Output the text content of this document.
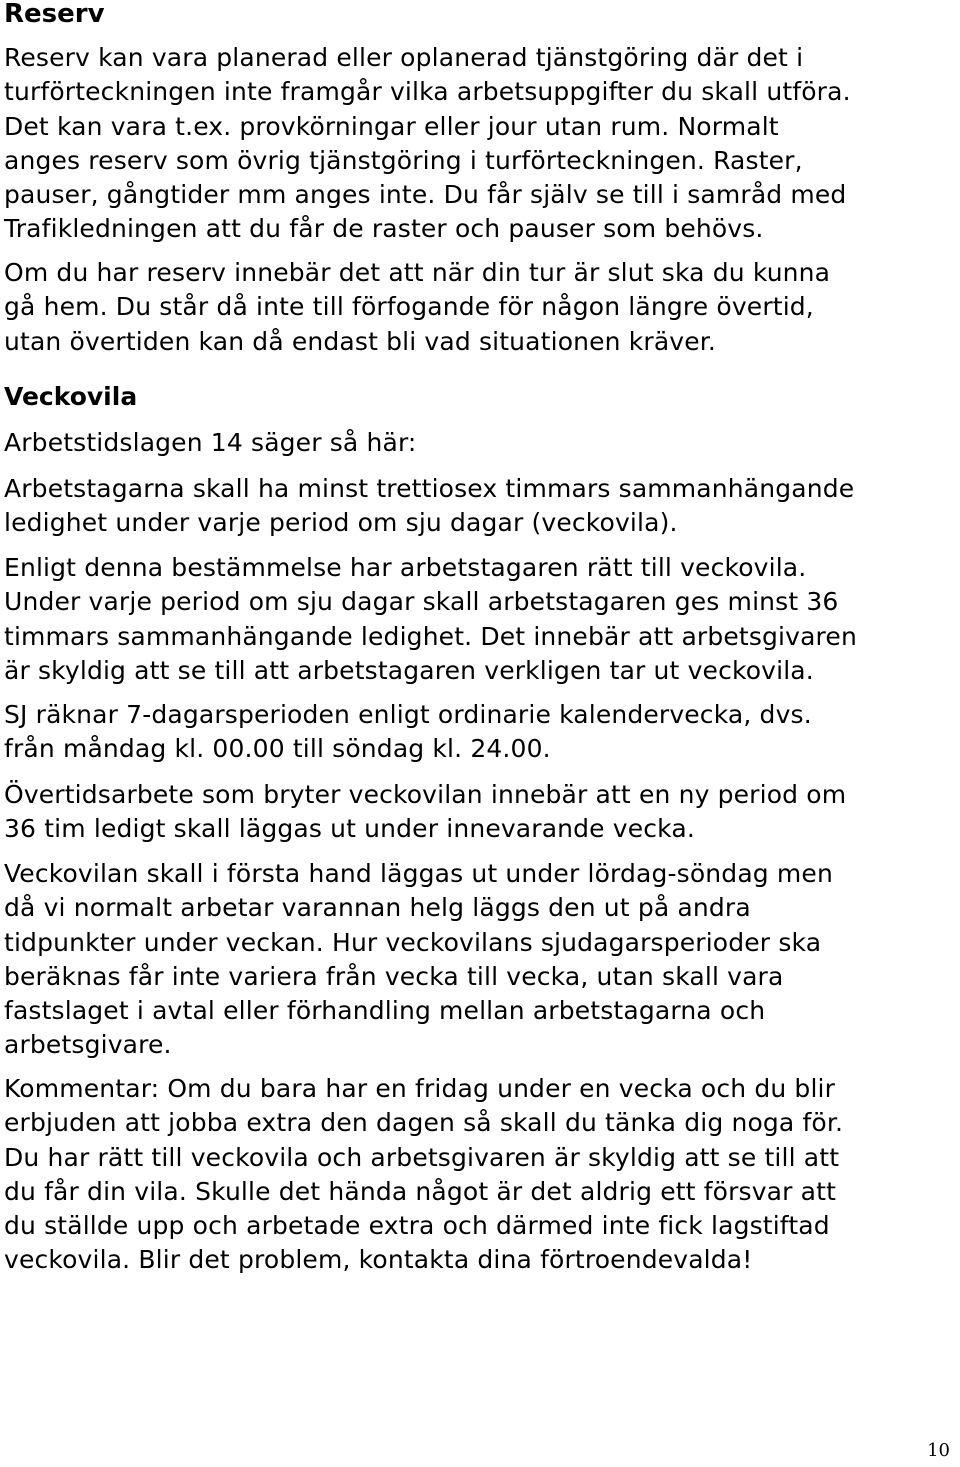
Reserv

Reserv kan vara planerad eller oplanerad tjänstgöring där det i
turförteckningen inte framgår vilka arbetsuppgifter du skall utföra.
Det kan vara t.ex. provkörningar eller jour utan rum. Normalt
anges reserv som övrig tjänstgöring i turförteckningen. Raster,
pauser, gångtider mm anges inte. Du får själv se till i samråd med
Trafikledningen att du får de raster och pauser som behövs.

Om du har reserv innebär det att när din tur är slut ska du kunna
gå hem. Du står då inte till förfogande för någon längre övertid,
utan övertiden kan då endast bli vad situationen kräver.

Veckovila

Arbetstidslagen 14 säger så här:

Arbetstagarna skall ha minst trettiosex timmars sammanhängande
ledighet under varje period om sju dagar (veckovila).

Enligt denna bestämmelse har arbetstagaren rätt till veckovila.
Under varje period om sju dagar skall arbetstagaren ges minst 36
timmars sammanhängande ledighet. Det innebär att arbetsgivaren
är skyldig att se till att arbetstagaren verkligen tar ut veckovila.

SJ räknar 7-dagarsperioden enligt ordinarie kalendervecka, dvs.
från måndag kl. 00.00 till söndag kl. 24.00.

Övertidsarbete som bryter veckovilan innebär att en ny period om
36 tim ledigt skall läggas ut under innevarande vecka.

Veckovilan skall i första hand läggas ut under lördag-söndag men
då vi normalt arbetar varannan helg läggs den ut på andra
tidpunkter under veckan. Hur veckovilans sjudagarsperioder ska
beräknas får inte variera från vecka till vecka, utan skall vara
fastslaget i avtal eller förhandling mellan arbetstagarna och
arbetsgivare.

Kommentar: Om du bara har en fridag under en vecka och du blir
erbjuden att jobba extra den dagen så skall du tänka dig noga för.
Du har rätt till veckovila och arbetsgivaren är skyldig att se till att
du får din vila. Skulle det hända något är det aldrig ett försvar att
du ställde upp och arbetade extra och därmed inte fick lagstiftad
veckovila. Blir det problem, kontakta dina förtroendevalda!

10
